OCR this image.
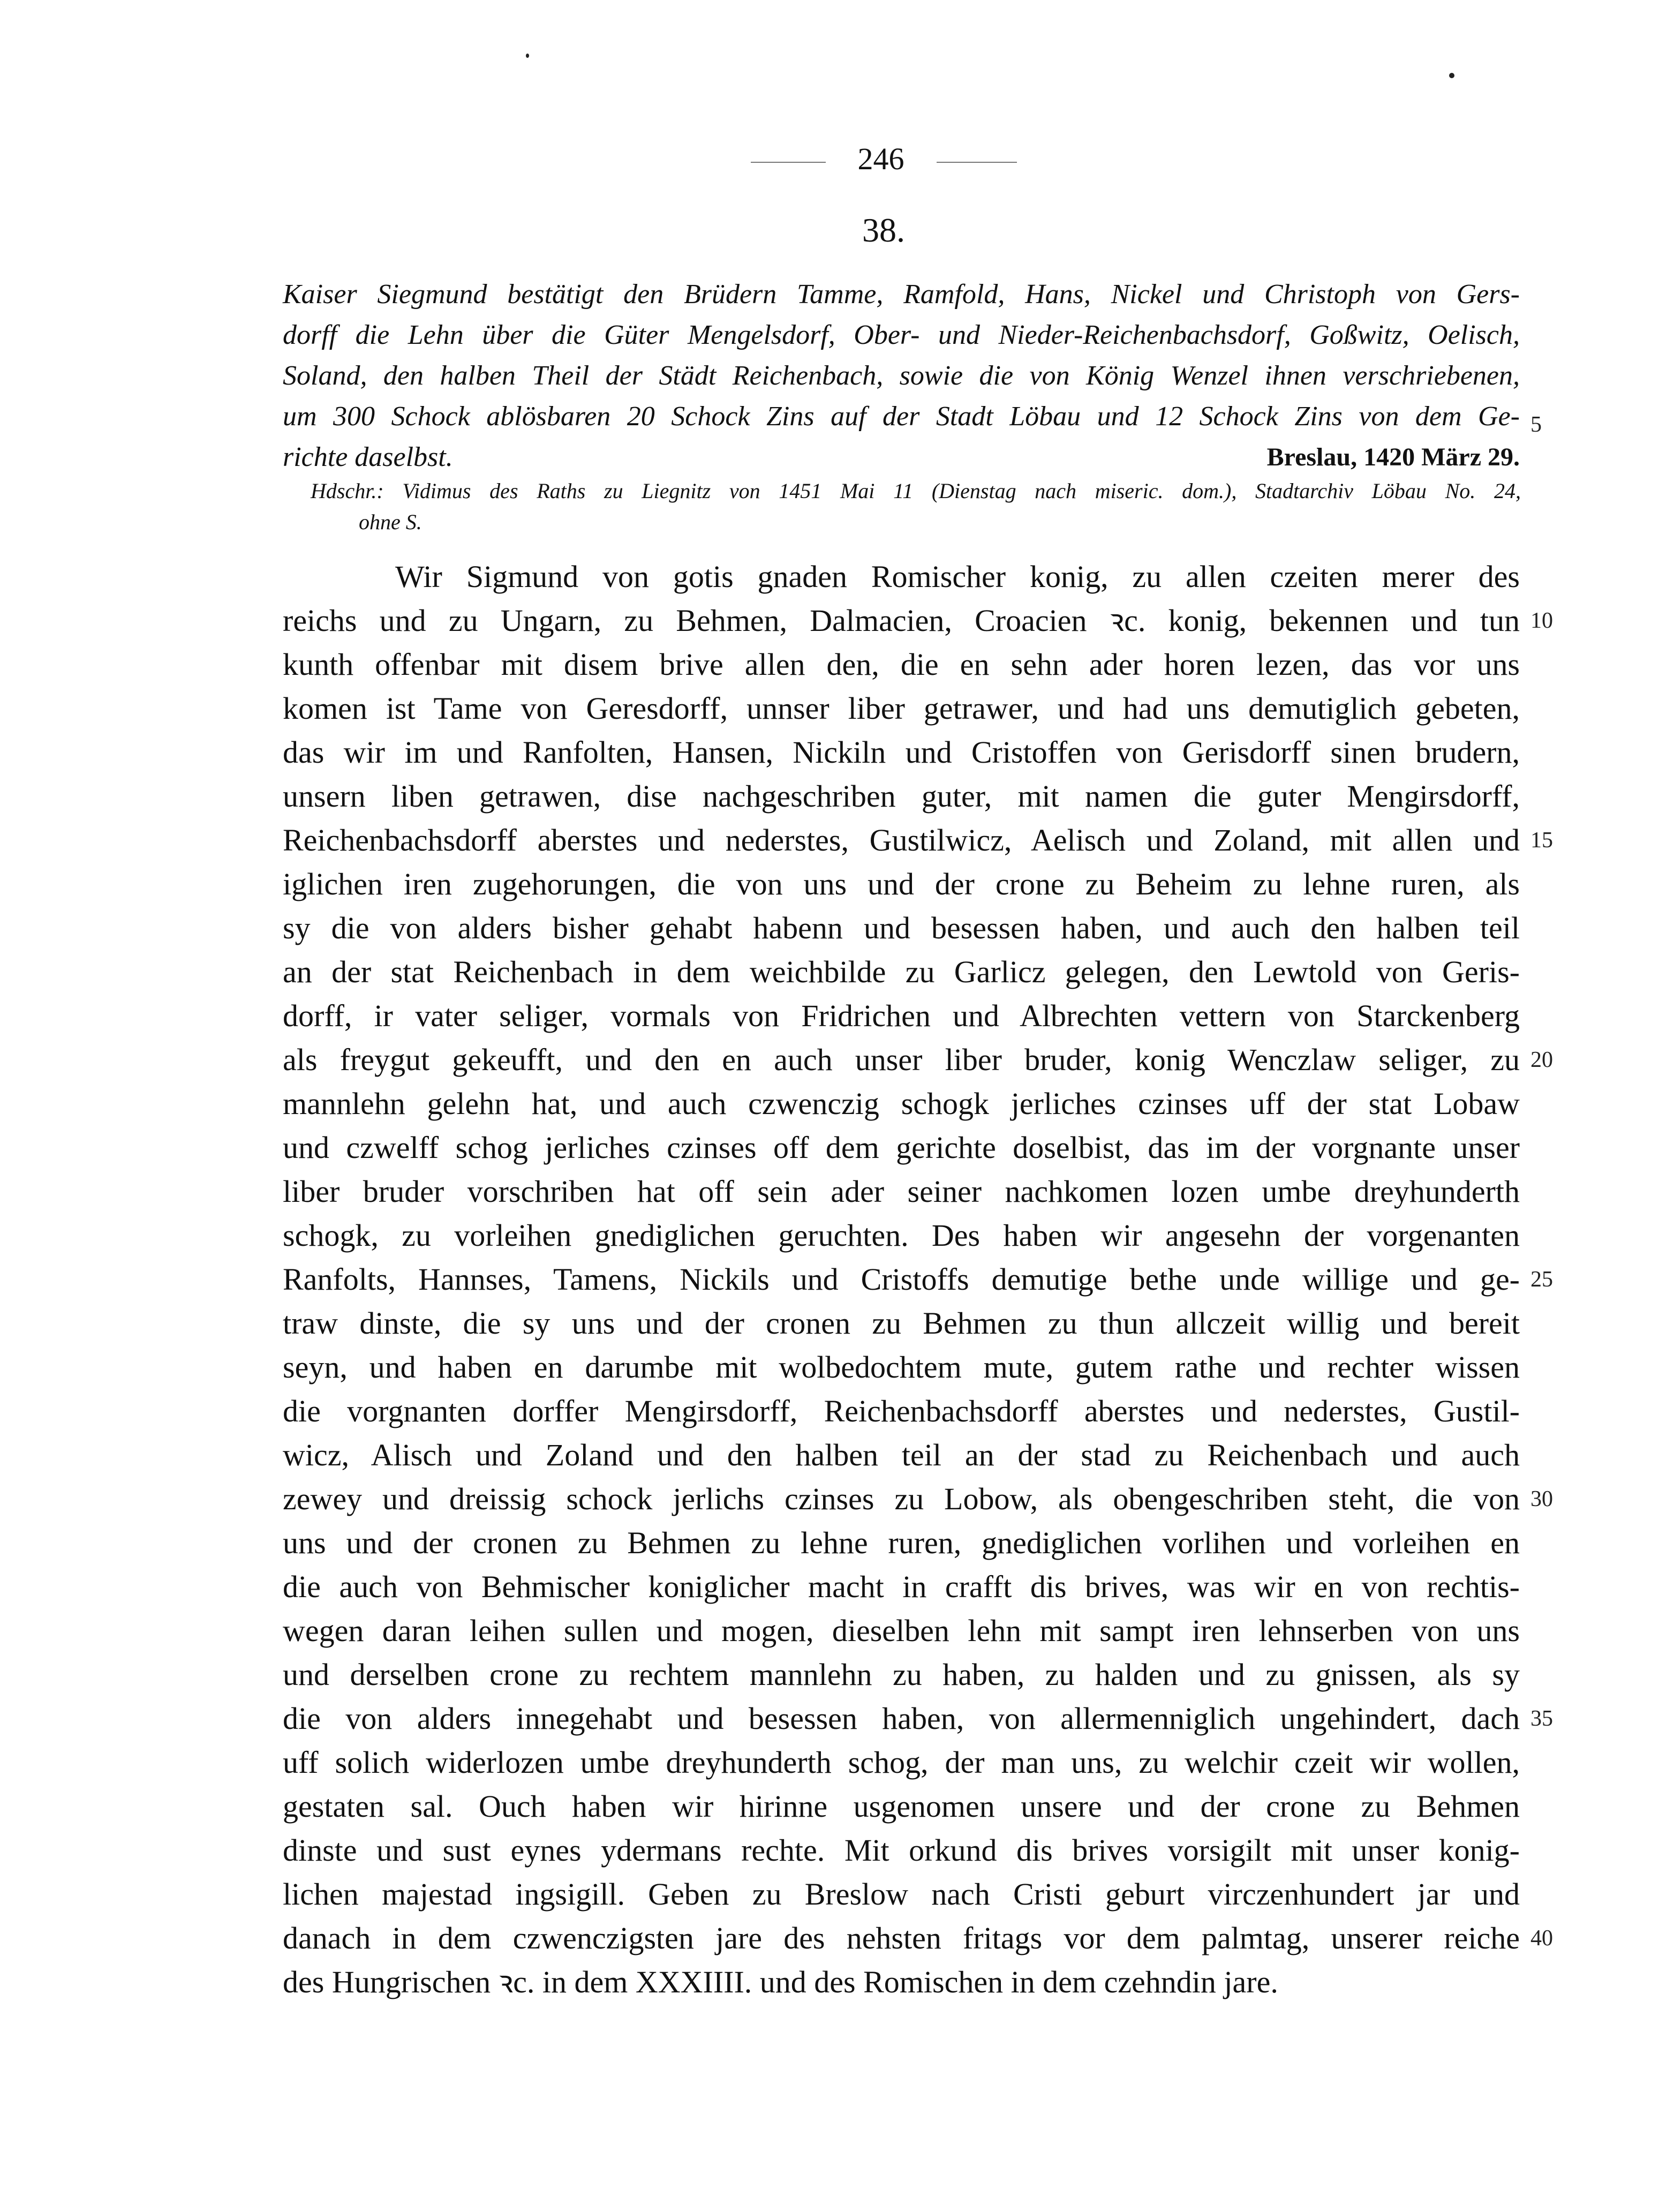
246
38.
Kaiser Siegmund bestätigt den Brüdern Tamme, Ramfold, Hans, Nickel und Christoph von Gers-
dorff die Lehn über die Güter Mengelsdorf, Ober- und Nieder-Reichenbachsdorf, Goßwitz, Oelisch,
Soland, den halben Theil der Städt Reichenbach, sowie die von König Wenzel ihnen verschriebenen,
um 300 Schock ablösbaren 20 Schock Zins auf der Stadt Löbau und 12 Schock Zins von dem Ge-
richte daselbst.	Breslau, 1420 März 29.
Hdschr.: Vidimus des Raths zu Liegnitz von 1451 Mai 11 (Dienstag nach miseric. dom.), Stadtarchiv Löbau No. 24,
ohne S.
Wir Sigmund von gotis gnaden Romischer konig, zu allen czeiten merer des
reichs und zu Ungarn, zu Behmen, Dalmacien, Croacien ꝛc. konig, bekennen und tun
kunth offenbar mit disem brive allen den, die en sehn ader horen lezen, das vor uns
komen ist Tame von Geresdorff, unnser liber getrawer, und had uns demutiglich gebeten,
das wir im und Ranfolten, Hansen, Nickiln und Cristoffen von Gerisdorff sinen brudern,
unsern liben getrawen, dise nachgeschriben guter, mit namen die guter Mengirsdorff,
Reichenbachsdorff aberstes und nederstes, Gustilwicz, Aelisch und Zoland, mit allen und
iglichen iren zugehorungen, die von uns und der crone zu Beheim zu lehne ruren, als
sy die von alders bisher gehabt habenn und besessen haben, und auch den halben teil
an der stat Reichenbach in dem weichbilde zu Garlicz gelegen, den Lewtold von Geris-
dorff, ir vater seliger, vormals von Fridrichen und Albrechten vettern von Starckenberg
als freygut gekeufft, und den en auch unser liber bruder, konig Wenczlaw seliger, zu
mannlehn gelehn hat, und auch czwenczig schogk jerliches czinses uff der stat Lobaw
und czwelff schog jerliches czinses off dem gerichte doselbist, das im der vorgnante unser
liber bruder vorschriben hat off sein ader seiner nachkomen lozen umbe dreyhunderth
schogk, zu vorleihen gnediglichen geruchten. Des haben wir angesehn der vorgenanten
Ranfolts, Hannses, Tamens, Nickils und Cristoffs demutige bethe unde willige und ge-
traw dinste, die sy uns und der cronen zu Behmen zu thun allczeit willig und bereit
seyn, und haben en darumbe mit wolbedochtem mute, gutem rathe und rechter wissen
die vorgnanten dorffer Mengirsdorff, Reichenbachsdorff aberstes und nederstes, Gustil-
wicz, Alisch und Zoland und den halben teil an der stad zu Reichenbach und auch
zewey und dreissig schock jerlichs czinses zu Lobow, als obengeschriben steht, die von
uns und der cronen zu Behmen zu lehne ruren, gnediglichen vorlihen und vorleihen en
die auch von Behmischer koniglicher macht in crafft dis brives, was wir en von rechtis-
wegen daran leihen sullen und mogen, dieselben lehn mit sampt iren lehnserben von uns
und derselben crone zu rechtem mannlehn zu haben, zu halden und zu gnissen, als sy
die von alders innegehabt und besessen haben, von allermenniglich ungehindert, dach
uff solich widerlozen umbe dreyhunderth schog, der man uns, zu welchir czeit wir wollen,
gestaten sal. Ouch haben wir hirinne usgenomen unsere und der crone zu Behmen
dinste und sust eynes ydermans rechte. Mit orkund dis brives vorsigilt mit unser konig-
lichen majestad ingsigill. Geben zu Breslow nach Cristi geburt virczenhundert jar und
danach in dem czwenczigsten jare des nehsten fritags vor dem palmtag, unserer reiche
des Hungrischen ꝛc. in dem XXXIIII. und des Romischen in dem czehndin jare.
5
10
15
20
25
30
35
40
